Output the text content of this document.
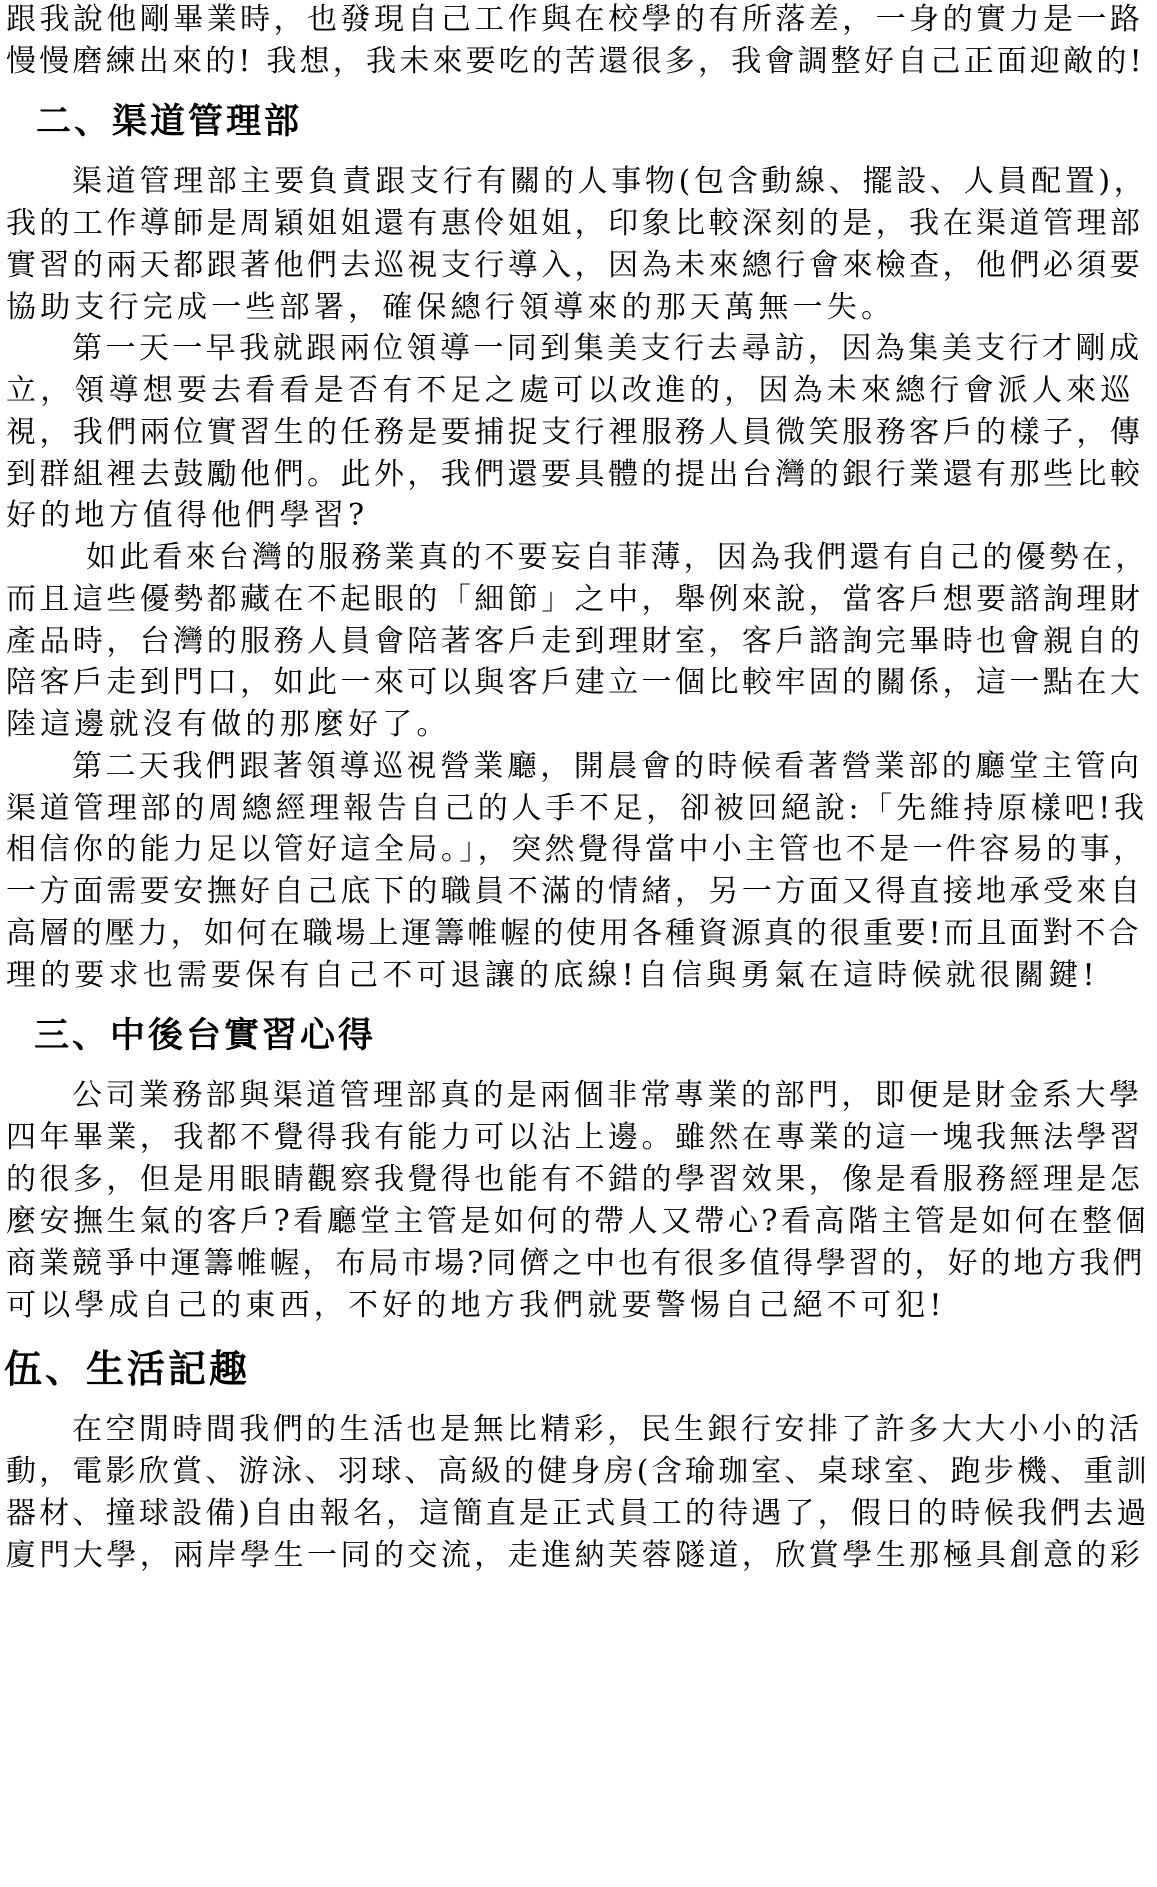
跟我說他剛畢業時，也發現自己工作與在校學的有所落差，一身的實力是一路
慢慢磨練出來的! 我想，我未來要吃的苦還很多，我會調整好自己正面迎敵的!
二、渠道管理部
渠道管理部主要負責跟支行有關的人事物(包含動線、擺設、人員配置)，
我的工作導師是周穎姐姐還有惠伶姐姐，印象比較深刻的是，我在渠道管理部
實習的兩天都跟著他們去巡視支行導入，因為未來總行會來檢查，他們必須要
協助支行完成一些部署，確保總行領導來的那天萬無一失。
第一天一早我就跟兩位領導一同到集美支行去尋訪，因為集美支行才剛成
立，領導想要去看看是否有不足之處可以改進的，因為未來總行會派人來巡
視，我們兩位實習生的任務是要捕捉支行裡服務人員微笑服務客戶的樣子，傳
到群組裡去鼓勵他們。此外，我們還要具體的提出台灣的銀行業還有那些比較
好的地方值得他們學習?
如此看來台灣的服務業真的不要妄自菲薄，因為我們還有自己的優勢在，
而且這些優勢都藏在不起眼的「細節」之中，舉例來說，當客戶想要諮詢理財
產品時，台灣的服務人員會陪著客戶走到理財室，客戶諮詢完畢時也會親自的
陪客戶走到門口，如此一來可以與客戶建立一個比較牢固的關係，這一點在大
陸這邊就沒有做的那麼好了。
第二天我們跟著領導巡視營業廳，開晨會的時候看著營業部的廳堂主管向
渠道管理部的周總經理報告自己的人手不足，卻被回絕說:「先維持原樣吧!我
相信你的能力足以管好這全局。」，突然覺得當中小主管也不是一件容易的事，
一方面需要安撫好自己底下的職員不滿的情緒，另一方面又得直接地承受來自
高層的壓力，如何在職場上運籌帷幄的使用各種資源真的很重要!而且面對不合
理的要求也需要保有自己不可退讓的底線!自信與勇氣在這時候就很關鍵!
三、中後台實習心得
公司業務部與渠道管理部真的是兩個非常專業的部門，即便是財金系大學
四年畢業，我都不覺得我有能力可以沾上邊。雖然在專業的這一塊我無法學習
的很多，但是用眼睛觀察我覺得也能有不錯的學習效果，像是看服務經理是怎
麼安撫生氣的客戶?看廳堂主管是如何的帶人又帶心?看高階主管是如何在整個
商業競爭中運籌帷幄，布局市場?同儕之中也有很多值得學習的，好的地方我們
可以學成自己的東西，不好的地方我們就要警惕自己絕不可犯!
伍、生活記趣
在空閒時間我們的生活也是無比精彩，民生銀行安排了許多大大小小的活
動，電影欣賞、游泳、羽球、高級的健身房(含瑜珈室、桌球室、跑步機、重訓
器材、撞球設備)自由報名，這簡直是正式員工的待遇了，假日的時候我們去過
廈門大學，兩岸學生一同的交流，走進納芙蓉隧道，欣賞學生那極具創意的彩
